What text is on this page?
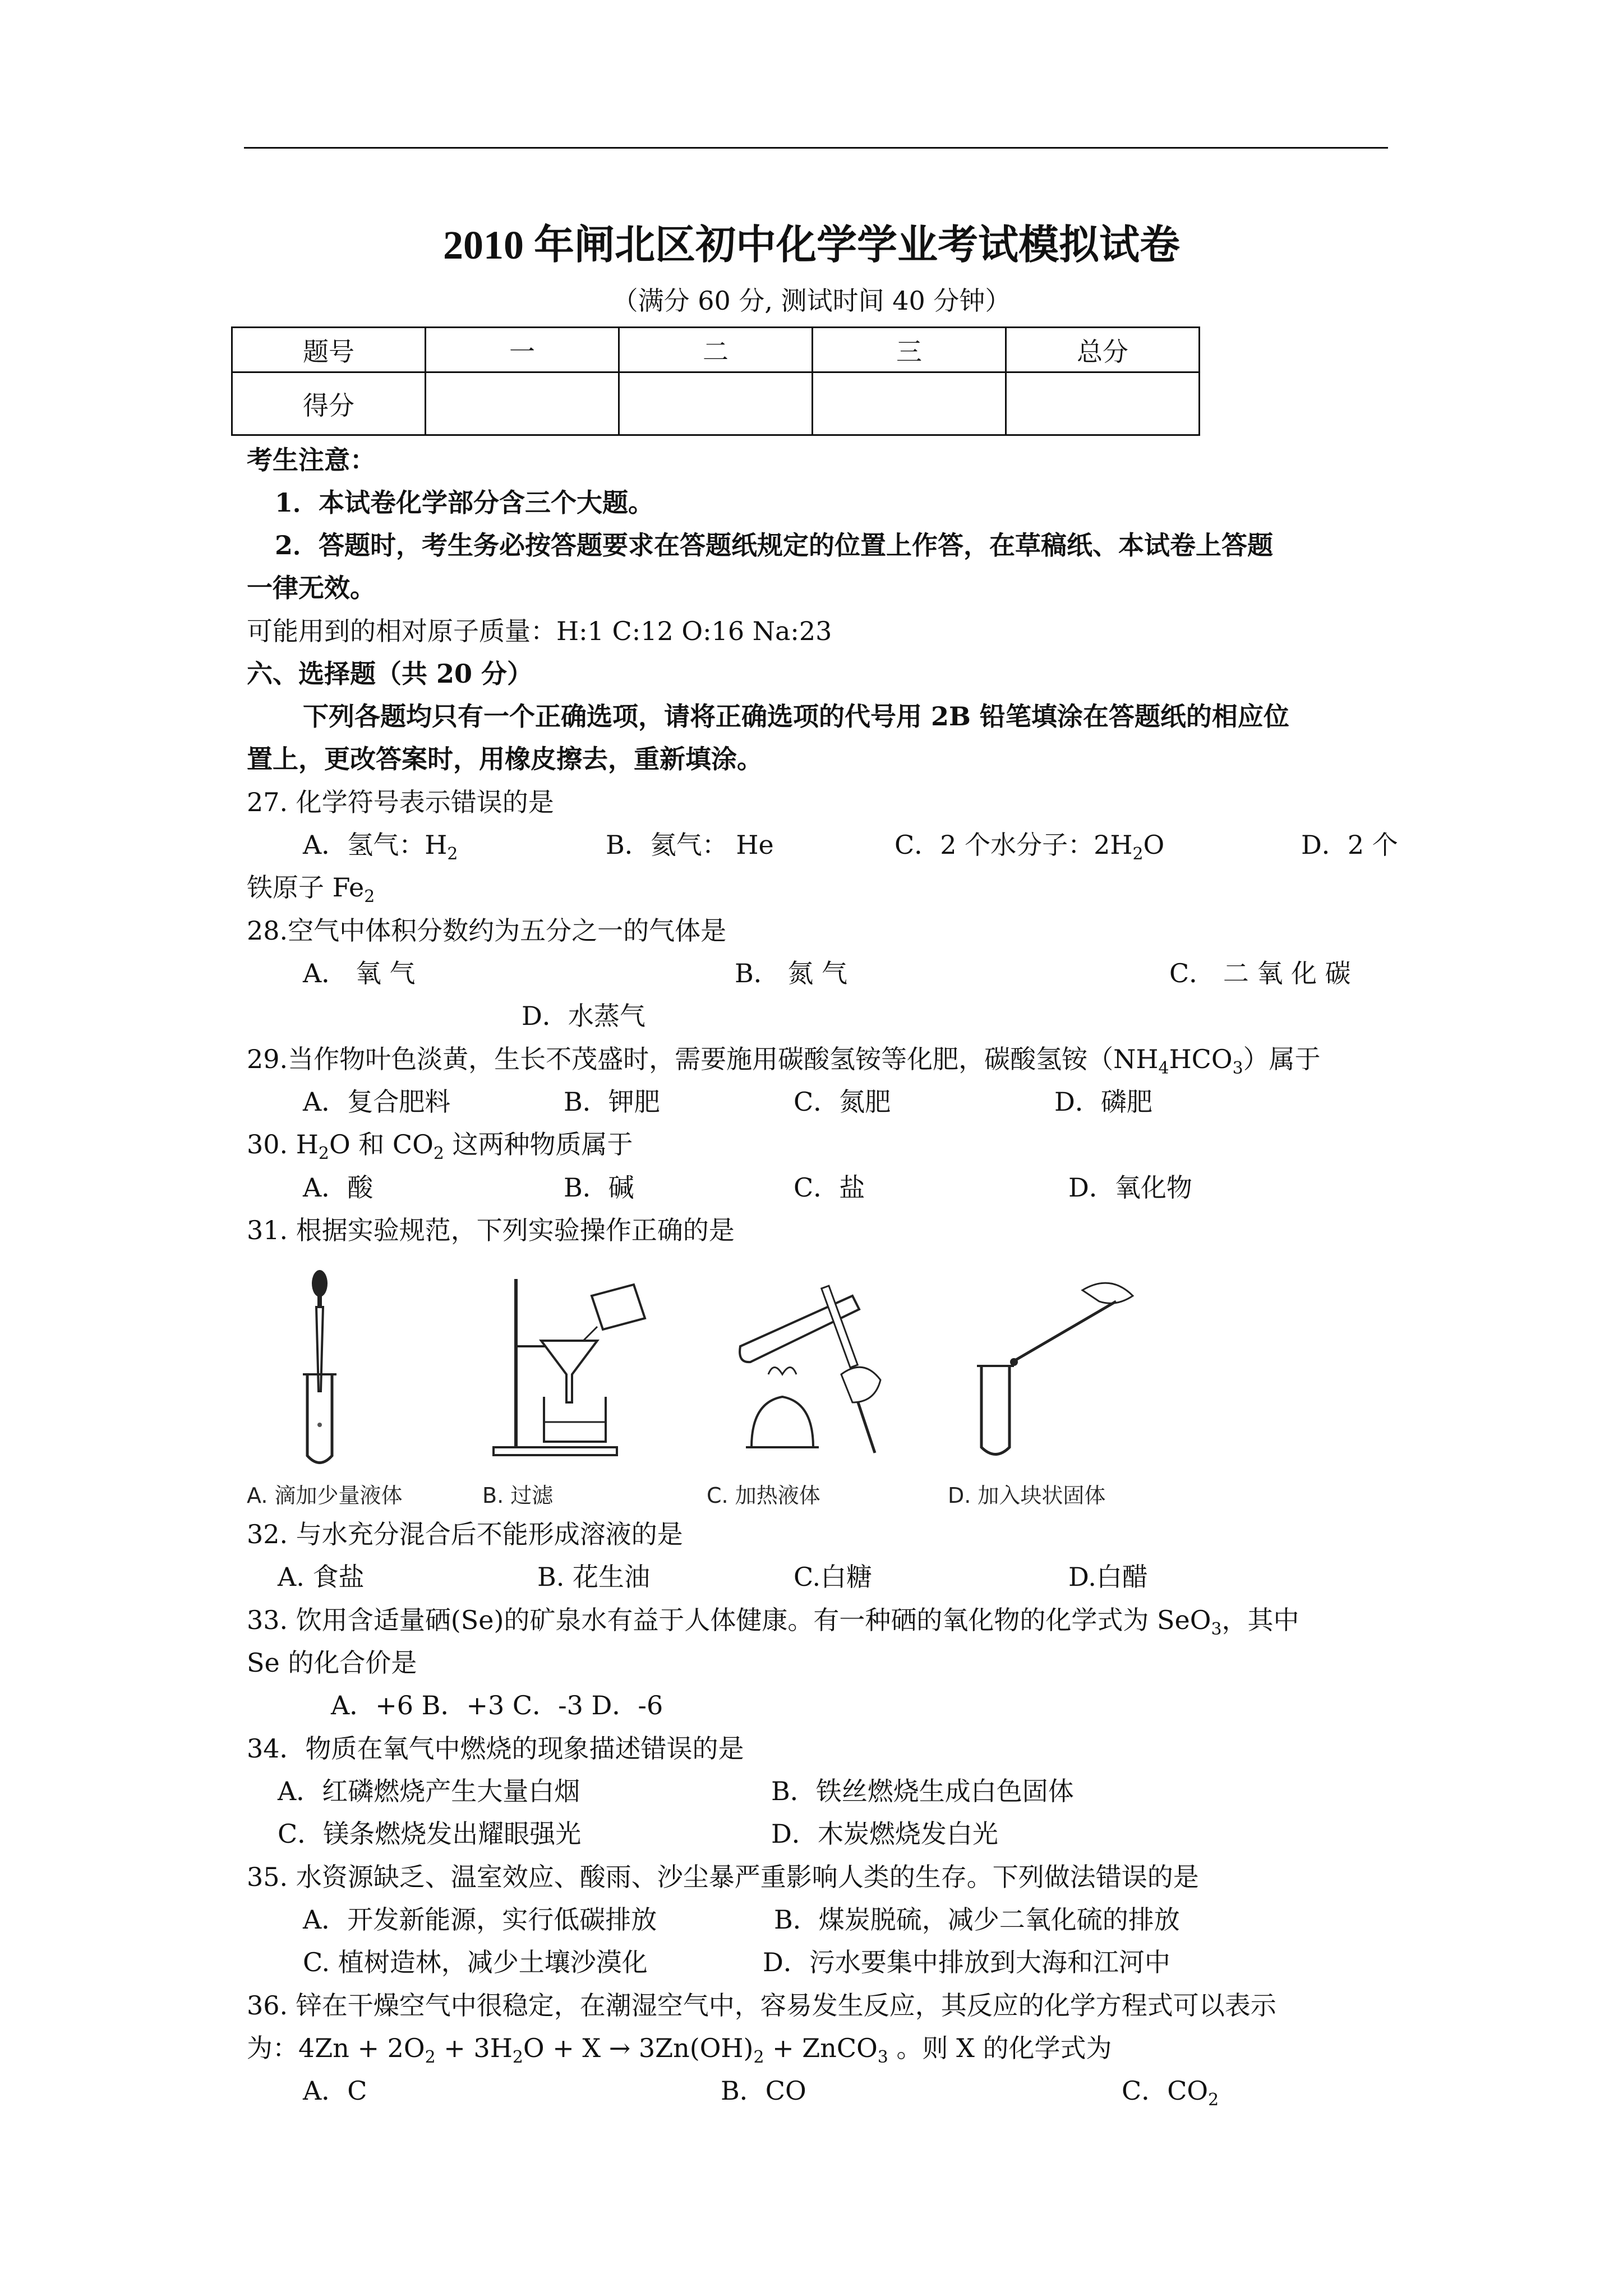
2010 年闸北区初中化学学业考试模拟试卷
（满分 60 分, 测试时间 40 分钟）
题号	一	二	三	总分
得分				
考生注意：
1．本试卷化学部分含三个大题。
2．答题时，考生务必按答题要求在答题纸规定的位置上作答，在草稿纸、本试卷上答题
一律无效。
可能用到的相对原子质量：H:1 C:12 O:16 Na:23
六、选择题（共 20 分）
下列各题均只有一个正确选项，请将正确选项的代号用 2B 铅笔填涂在答题纸的相应位
置上，更改答案时，用橡皮擦去，重新填涂。
27. 化学符号表示错误的是
A．氢气：$H_2$	B．氦气： He	C．2 个水分子：$2H_2O$	D．2 个
铁原子 $Fe_2$
28.空气中体积分数约为五分之一的气体是
A． 氧 气	B． 氮 气	C． 二 氧 化 碳
D．水蒸气
29.当作物叶色淡黄，生长不茂盛时，需要施用碳酸氢铵等化肥，碳酸氢铵$(NH_4HCO_3)$属于
A．复合肥料	B．钾肥	C．氮肥	D．磷肥
30. $H_2O$ 和 $CO_2$ 这两种物质属于
A．酸	B．碱	C．盐	D．氧化物
31. 根据实验规范，下列实验操作正确的是
A. 滴加少量液体	B. 过滤	C. 加热液体	D. 加入块状固体
32. 与水充分混合后不能形成溶液的是
A. 食盐	B. 花生油	C.白糖	D.白醋
33. 饮用含适量硒(Se)的矿泉水有益于人体健康。有一种硒的氧化物的化学式为 SeO$_3$，其中
Se 的化合价是
A．+6 B．+3 C．-3 D．-6
34．物质在氧气中燃烧的现象描述错误的是
A．红磷燃烧产生大量白烟	B．铁丝燃烧生成白色固体
C．镁条燃烧发出耀眼强光	D．木炭燃烧发白光
35. 水资源缺乏、温室效应、酸雨、沙尘暴严重影响人类的生存。下列做法错误的是
A．开发新能源，实行低碳排放	B．煤炭脱硫，减少二氧化硫的排放
C. 植树造林，减少土壤沙漠化	D．污水要集中排放到大海和江河中
36. 锌在干燥空气中很稳定，在潮湿空气中，容易发生反应，其反应的化学方程式可以表示
为：$4Zn + 2O_2 + 3H_2O + X \to 3Zn(OH)_2$ + ZnCO$_3$ 。则 X 的化学式为
A．C	B．CO	C．$CO_2$
